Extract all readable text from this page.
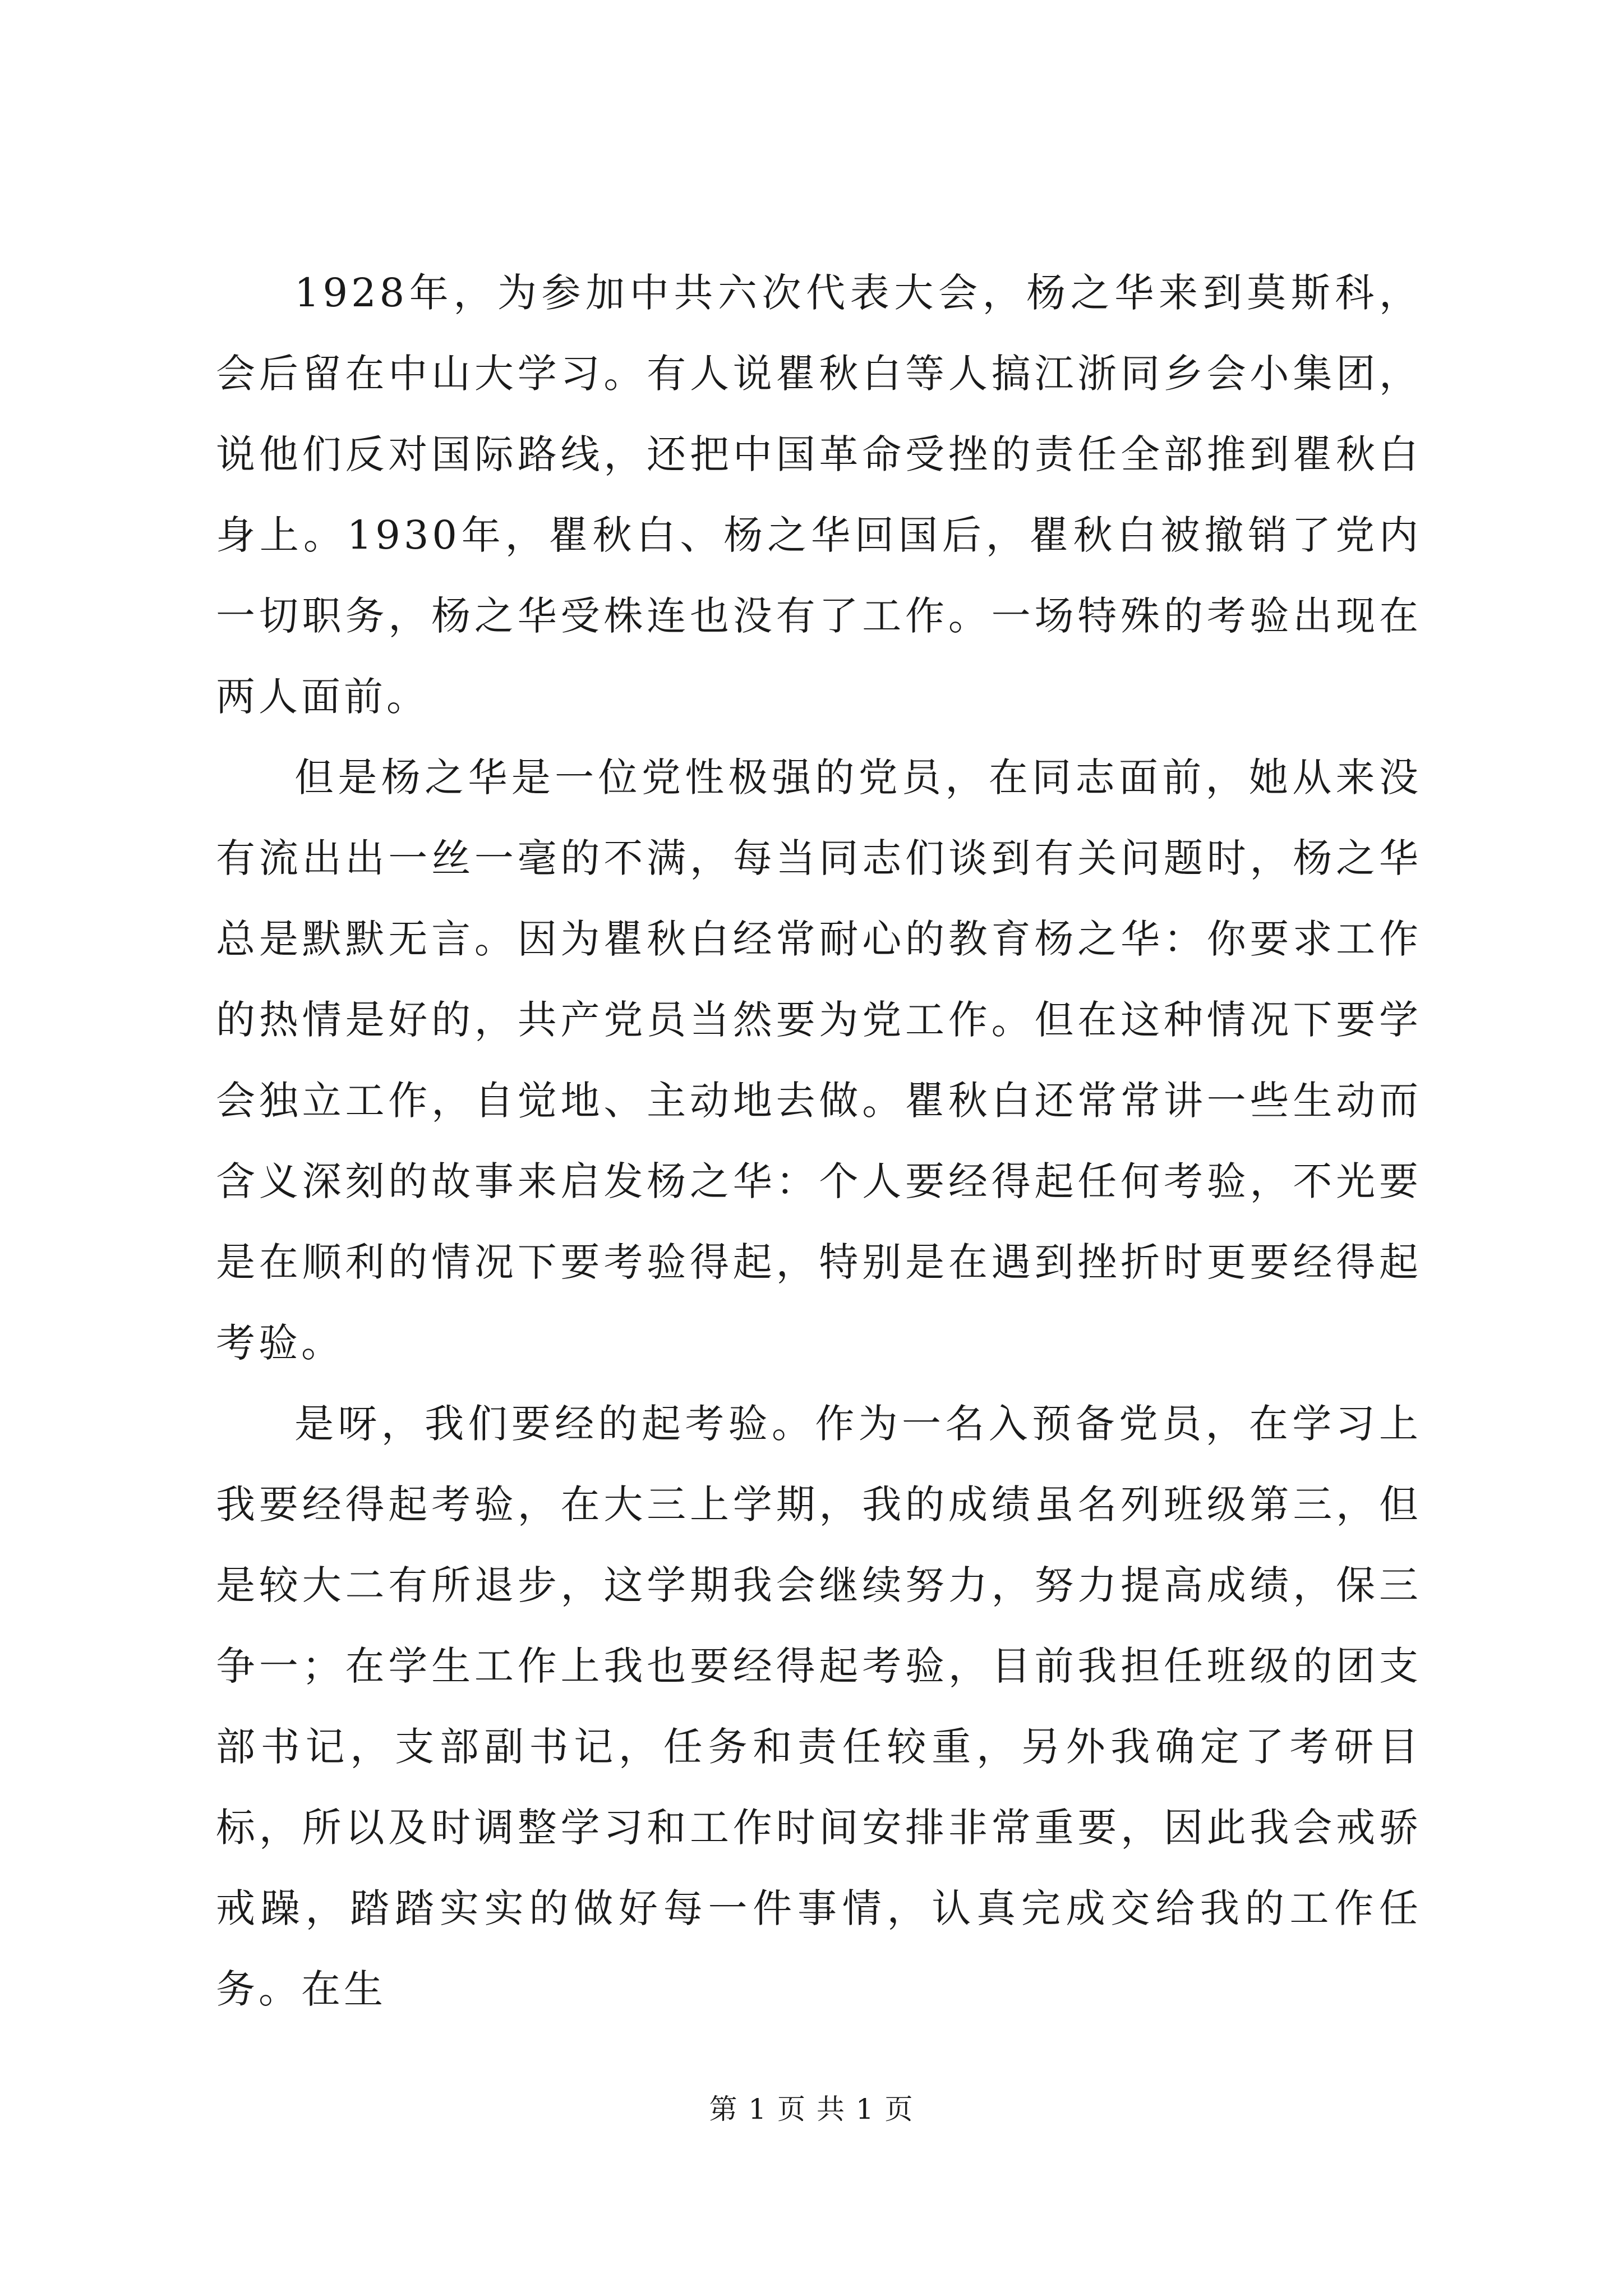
1928年，为参加中共六次代表大会，杨之华来到莫斯科，会后留在中山大学习。有人说瞿秋白等人搞江浙同乡会小集团，说他们反对国际路线，还把中国革命受挫的责任全部推到瞿秋白身上。1930年，瞿秋白、杨之华回国后，瞿秋白被撤销了党内一切职务，杨之华受株连也没有了工作。一场特殊的考验出现在两人面前。

但是杨之华是一位党性极强的党员，在同志面前，她从来没有流出出一丝一毫的不满，每当同志们谈到有关问题时，杨之华总是默默无言。因为瞿秋白经常耐心的教育杨之华：你要求工作的热情是好的，共产党员当然要为党工作。但在这种情况下要学会独立工作，自觉地、主动地去做。瞿秋白还常常讲一些生动而含义深刻的故事来启发杨之华：个人要经得起任何考验，不光要是在顺利的情况下要考验得起，特别是在遇到挫折时更要经得起考验。

是呀，我们要经的起考验。作为一名入预备党员，在学习上我要经得起考验，在大三上学期，我的成绩虽名列班级第三，但是较大二有所退步，这学期我会继续努力，努力提高成绩，保三争一；在学生工作上我也要经得起考验，目前我担任班级的团支部书记，支部副书记，任务和责任较重，另外我确定了考研目标，所以及时调整学习和工作时间安排非常重要，因此我会戒骄戒躁，踏踏实实的做好每一件事情，认真完成交给我的工作任务。在生

第 1 页 共 1 页
